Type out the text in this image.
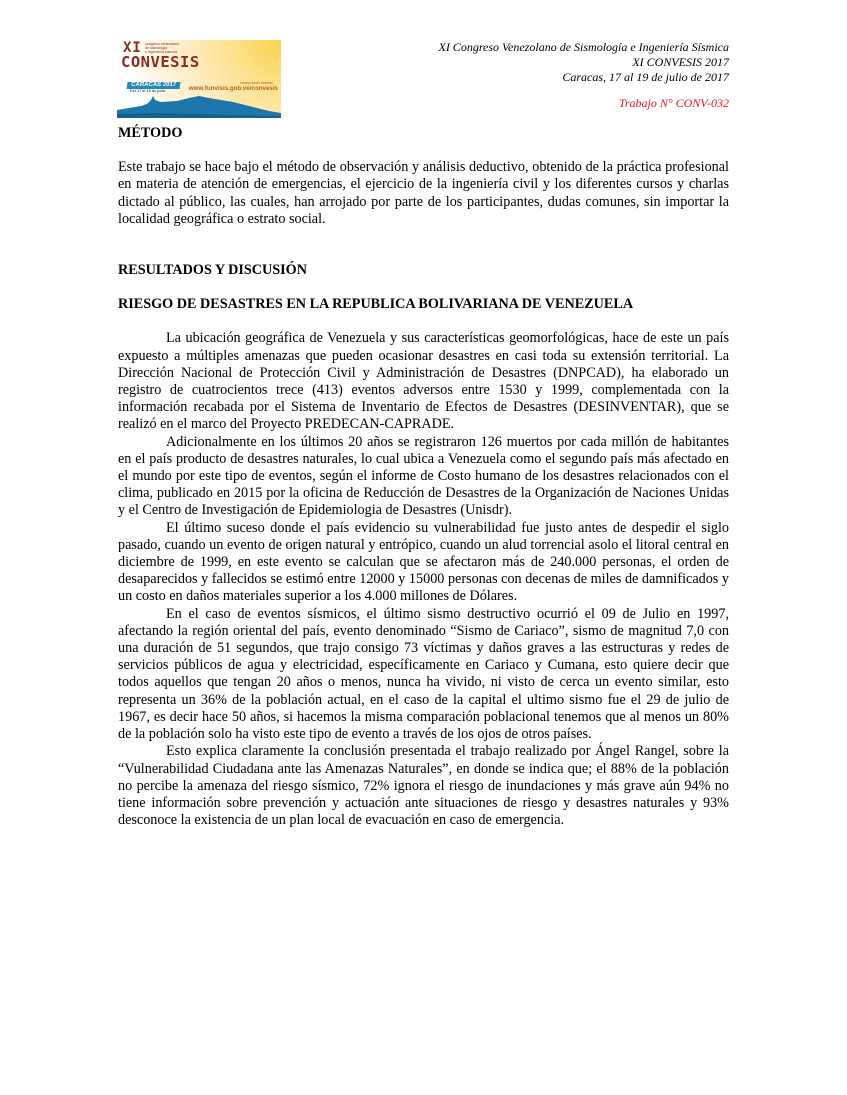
XI congreso venezolano
de sismología
e ingeniería sísmica
CONVESIS
CARACAS 2017
Del 17 al 19 de julio
Inscripciones abiertas
www.funvisis.gob.ve/convesis
XI Congreso Venezolano de Sismología e Ingeniería Sísmica
XI CONVESIS 2017
Caracas, 17 al 19 de julio de 2017
Trabajo N° CONV-032
MÉTODO

Este trabajo se hace bajo el método de observación y análisis deductivo, obtenido de la práctica profesional en materia de atención de emergencias, el ejercicio de la ingeniería civil y los diferentes cursos y charlas dictado al público, las cuales, han arrojado por parte de los participantes, dudas comunes, sin importar la localidad geográfica o estrato social.

RESULTADOS Y DISCUSIÓN
RIESGO DE DESASTRES EN LA REPUBLICA BOLIVARIANA DE VENEZUELA

La ubicación geográfica de Venezuela y sus características geomorfológicas, hace de este un país expuesto a múltiples amenazas que pueden ocasionar desastres en casi toda su extensión territorial. La Dirección Nacional de Protección Civil y Administración de Desastres (DNPCAD), ha elaborado un registro de cuatrocientos trece (413) eventos adversos entre 1530 y 1999, complementada con la información recabada por el Sistema de Inventario de Efectos de Desastres (DESINVENTAR), que se realizó en el marco del Proyecto PREDECAN-CAPRADE.

Adicionalmente en los últimos 20 años se registraron 126 muertos por cada millón de habitantes en el país producto de desastres naturales, lo cual ubica a Venezuela como el segundo país más afectado en el mundo por este tipo de eventos, según el informe de Costo humano de los desastres relacionados con el clima, publicado en 2015 por la oficina de Reducción de Desastres de la Organización de Naciones Unidas y el Centro de Investigación de Epidemiologia de Desastres (Unisdr).

El último suceso donde el país evidencio su vulnerabilidad fue justo antes de despedir el siglo pasado, cuando un evento de origen natural y entrópico, cuando un alud torrencial asolo el litoral central en diciembre de 1999, en este evento se calculan que se afectaron más de 240.000 personas, el orden de desaparecidos y fallecidos se estimó entre 12000 y 15000 personas con decenas de miles de damnificados y un costo en daños materiales superior a los 4.000 millones de Dólares.

En el caso de eventos sísmicos, el último sismo destructivo ocurrió el 09 de Julio en 1997, afectando la región oriental del país, evento denominado “Sismo de Cariaco”, sismo de magnitud 7,0 con una duración de 51 segundos, que trajo consigo 73 víctimas y daños graves a las estructuras y redes de servicios públicos de agua y electricidad, específicamente en Cariaco y Cumana, esto quiere decir que todos aquellos que tengan 20 años o menos, nunca ha vivido, ni visto de cerca un evento similar, esto representa un 36% de la población actual, en el caso de la capital el ultimo sismo fue el 29 de julio de 1967, es decir hace 50 años, si hacemos la misma comparación poblacional tenemos que al menos un 80% de la población solo ha visto este tipo de evento a través de los ojos de otros países.

Esto explica claramente la conclusión presentada el trabajo realizado por Ángel Rangel, sobre la “Vulnerabilidad Ciudadana ante las Amenazas Naturales”, en donde se indica que; el 88% de la población no percibe la amenaza del riesgo sísmico, 72% ignora el riesgo de inundaciones y más grave aún 94% no tiene información sobre prevención y actuación ante situaciones de riesgo y desastres naturales y 93% desconoce la existencia de un plan local de evacuación en caso de emergencia.
